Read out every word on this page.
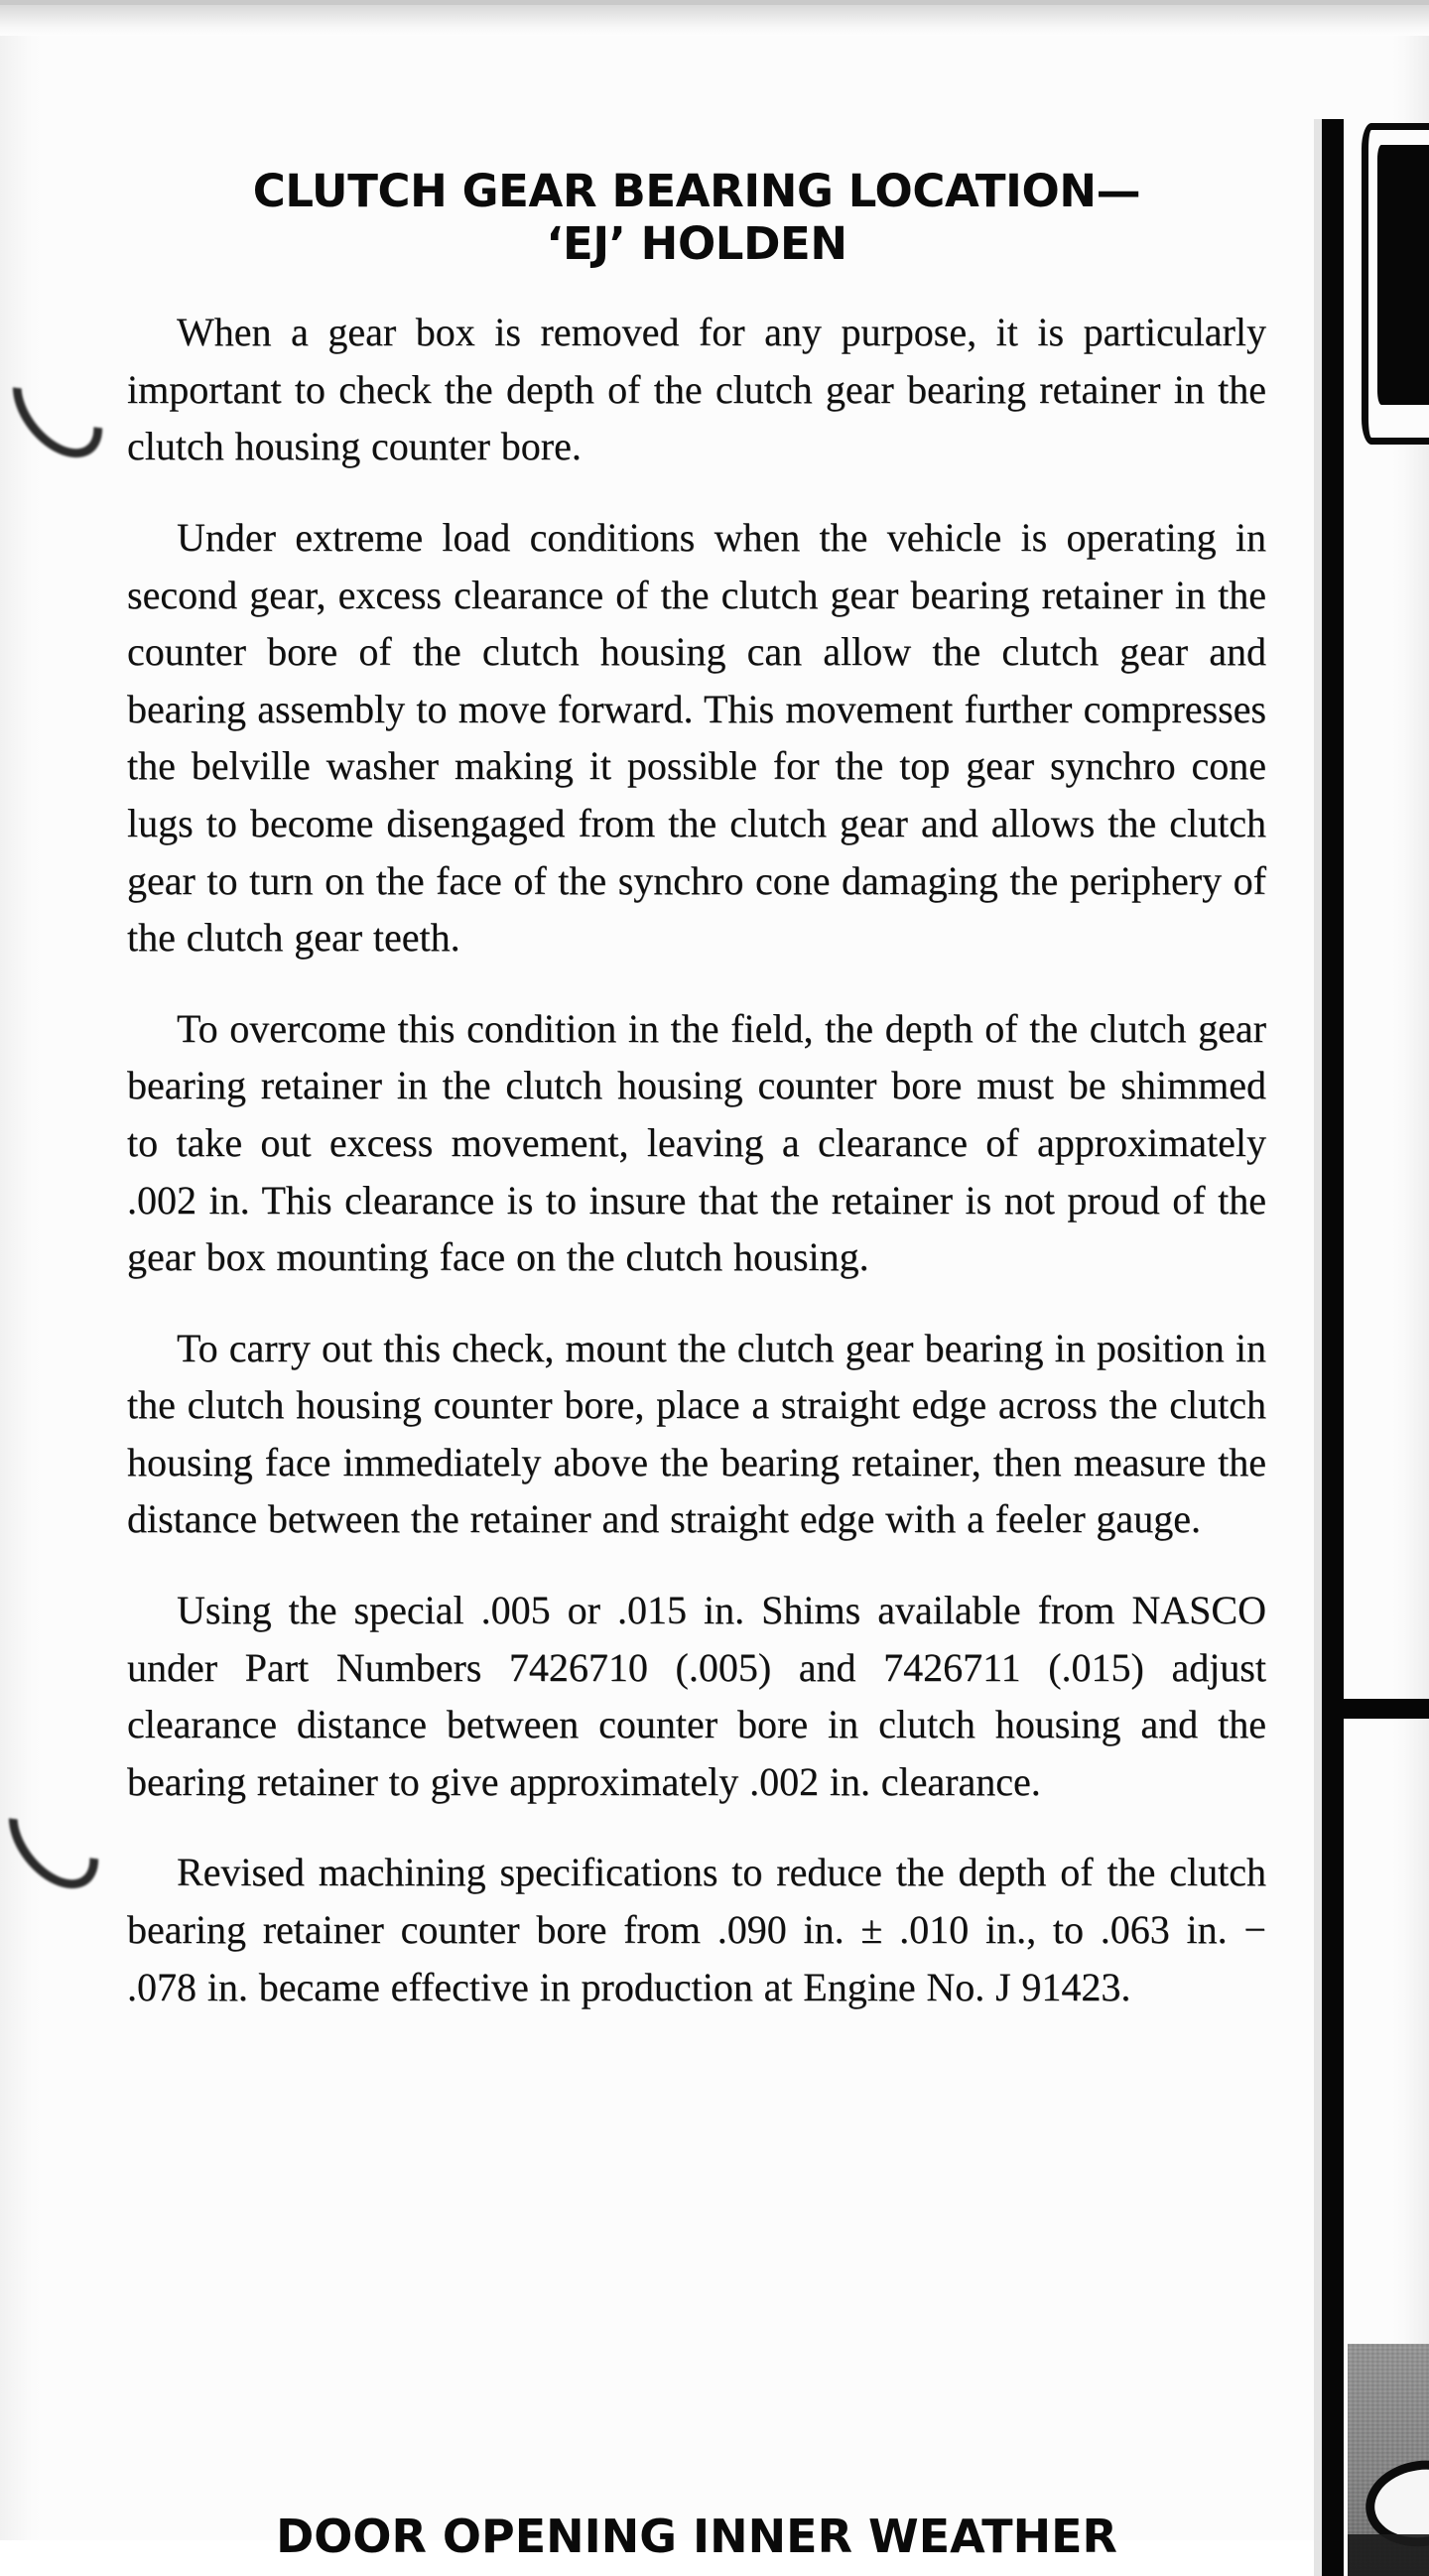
CLUTCH GEAR BEARING LOCATION—
‘EJ’ HOLDEN

When a gear box is removed for any purpose, it is particularly important to check the depth of the clutch gear bearing retainer in the clutch housing counter bore.

Under extreme load conditions when the vehicle is operating in second gear, excess clearance of the clutch gear bearing retainer in the counter bore of the clutch housing can allow the clutch gear and bearing assembly to move forward. This movement further compresses the belville washer making it possible for the top gear synchro cone lugs to become disengaged from the clutch gear and allows the clutch gear to turn on the face of the synchro cone damaging the periphery of the clutch gear teeth.

To overcome this condition in the field, the depth of the clutch gear bearing retainer in the clutch housing counter bore must be shimmed to take out excess movement, leaving a clearance of approximately .002 in. This clearance is to insure that the retainer is not proud of the gear box mounting face on the clutch housing.

To carry out this check, mount the clutch gear bearing in position in the clutch housing counter bore, place a straight edge across the clutch housing face immediately above the bearing retainer, then measure the distance between the retainer and straight edge with a feeler gauge.

Using the special .005 or .015 in. Shims available from NASCO under Part Numbers 7426710 (.005) and 7426711 (.015) adjust clearance distance between counter bore in clutch housing and the bearing retainer to give approximately .002 in. clearance.

Revised machining specifications to reduce the depth of the clutch bearing retainer counter bore from .090 in. ± .010 in., to .063 in. − .078 in. became effective in production at Engine No. J 91423.

DOOR OPENING INNER WEATHER
